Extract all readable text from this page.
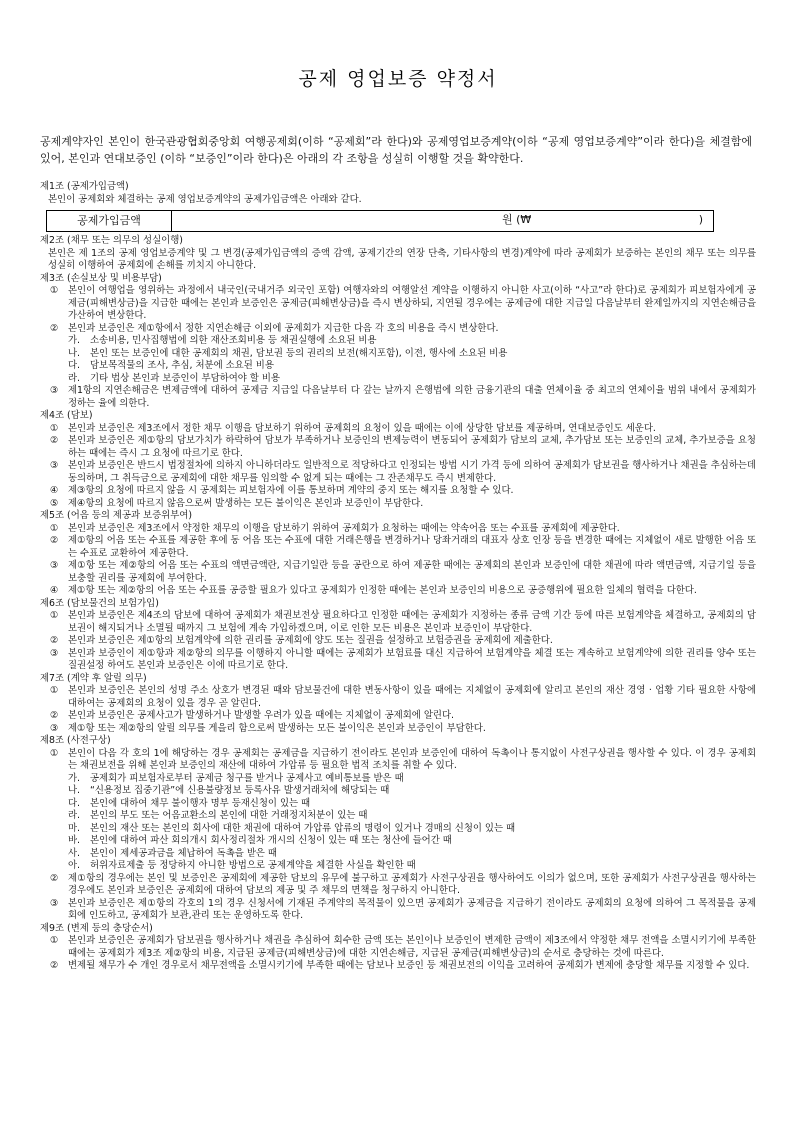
공제 영업보증 약정서
공제계약자인 본인이 한국관광협회중앙회 여행공제회(이하 “공제회”라 한다)와 공제영업보증계약(이하 “공제 영업보증계약”이라 한다)을 체결함에 있어, 본인과 연대보증인 (이하 “보증인”이라 한다)은 아래의 각 조항을 성실히 이행할 것을 확약한다.
제1조 (공제가입금액)
본인이 공제회와 체결하는 공제 영업보증계약의 공제가입금액은 아래와 같다.
공제가입금액	원 (₩	)
제2조 (채무 또는 의무의 성실이행)
본인은 제 1조의 공제 영업보증계약 및 그 변경(공제가입금액의 증액 감액, 공제기간의 연장 단축, 기타사항의 변경)계약에 따라 공제회가 보증하는 본인의 채무 또는 의무를 성실히 이행하여 공제회에 손해를 끼치지 아니한다.
제3조 (손실보상 및 비용부담)
①	본인이 여행업을 영위하는 과정에서 내국인(국내거주 외국인 포함) 여행자와의 여행알선 계약을 이행하지 아니한 사고(이하 “사고”라 한다)로 공제회가 피보험자에게 공제금(피해변상금)을 지급한 때에는 본인과 보증인은 공제금(피해변상금)을 즉시 변상하되, 지연될 경우에는 공제금에 대한 지급일 다음날부터 완제일까지의 지연손해금을 가산하여 변상한다.
②	본인과 보증인은 제①항에서 정한 지연손해금 이외에 공제회가 지급한 다음 각 호의 비용을 즉시 변상한다.
가. 소송비용, 민사집행법에 의한 재산조회비용 등 채권실행에 소요된 비용
나. 본인 또는 보증인에 대한 공제회의 채권, 담보권 등의 권리의 보전(해지포함), 이전, 행사에 소요된 비용
다. 담보목적물의 조사, 추심, 처분에 소요된 비용
라. 기타 법상 본인과 보증인이 부담하여야 할 비용
③	제1항의 지연손해금은 변제금액에 대하여 공제금 지급일 다음날부터 다 갚는 날까지 은행법에 의한 금융기관의 대출 연체이율 중 최고의 연체이율 범위 내에서 공제회가 정하는 율에 의한다.
제4조 (담보)
①	본인과 보증인은 제3조에서 정한 채무 이행을 담보하기 위하여 공제회의 요청이 있을 때에는 이에 상당한 담보를 제공하며, 연대보증인도 세운다.
②	본인과 보증인은 제①항의 담보가치가 하락하여 담보가 부족하거나 보증인의 변제능력이 변동되어 공제회가 담보의 교체, 추가담보 또는 보증인의 교체, 추가보증을 요청하는 때에는 즉시 그 요청에 따르기로 한다.
③	본인과 보증인은 반드시 법정절차에 의하지 아니하더라도 일반적으로 적당하다고 인정되는 방법 시기 가격 등에 의하여 공제회가 담보권을 행사하거나 채권을 추심하는데 동의하며, 그 취득금으로 공제회에 대한 채무를 임의할 수 없게 되는 때에는 그 잔존채무도 즉시 변제한다.
④	제③항의 요청에 따르지 않을 시 공제회는 피보험자에 이를 통보하며 계약의 중지 또는 해지를 요청할 수 있다.
⑤	제④항의 요청에 따르지 않음으로써 발생하는 모든 불이익은 본인과 보증인이 부담한다.
제5조 (어음 등의 제공과 보증위부여)
①	본인과 보증인은 제3조에서 약정한 채무의 이행을 담보하기 위하여 공제회가 요청하는 때에는 약속어음 또는 수표를 공제회에 제공한다.
②	제①항의 어음 또는 수표를 제공한 후에 동 어음 또는 수표에 대한 거래은행을 변경하거나 당좌거래의 대표자 상호 인장 등을 변경한 때에는 지체없이 새로 발행한 어음 또는 수표로 교환하여 제공한다.
③	제①항 또는 제②항의 어음 또는 수표의 액면금액란, 지급기일란 등을 공란으로 하여 제공한 때에는 공제회의 본인과 보증인에 대한 채권에 따라 액면금액, 지급기일 등을 보충할 권리를 공제회에 부여한다.
④	제①항 또는 제②항의 어음 또는 수표를 공증할 필요가 있다고 공제회가 인정한 때에는 본인과 보증인의 비용으로 공증행위에 필요한 일체의 협력을 다한다.
제6조 (담보물건의 보험가입)
①	본인과 보증인은 제4조의 담보에 대하여 공제회가 채권보전상 필요하다고 인정한 때에는 공제회가 지정하는 종류 금액 기간 등에 따른 보험계약을 체결하고, 공제회의 담보권이 해지되거나 소멸될 때까지 그 보험에 계속 가입하겠으며, 이로 인한 모든 비용은 본인과 보증인이 부담한다.
②	본인과 보증인은 제①항의 보험계약에 의한 권리를 공제회에 양도 또는 질권을 설정하고 보험증권을 공제회에 제출한다.
③	본인과 보증인이 제①항과 제②항의 의무를 이행하지 아니할 때에는 공제회가 보험료를 대신 지급하여 보험계약을 체결 또는 계속하고 보험계약에 의한 권리를 양수 또는 질권설정 하여도 본인과 보증인은 이에 따르기로 한다.
제7조 (계약 후 알릴 의무)
①	본인과 보증인은 본인의 성명 주소 상호가 변경된 때와 담보물건에 대한 변동사항이 있을 때에는 지체없이 공제회에 알리고 본인의 재산 경영 · 업황 기타 필요한 사항에 대하여는 공제회의 요청이 있을 경우 곧 알린다.
②	본인과 보증인은 공제사고가 발생하거나 발생할 우려가 있을 때에는 지체없이 공제회에 알린다.
③	제①항 또는 제②항의 알릴 의무를 게을리 함으로써 발생하는 모든 불이익은 본인과 보증인이 부담한다.
제8조 (사전구상)
①	본인이 다음 각 호의 1에 해당하는 경우 공제회는 공제금을 지급하기 전이라도 본인과 보증인에 대하여 독촉이나 통지없이 사전구상권을 행사할 수 있다. 이 경우 공제회는 채권보전을 위해 본인과 보증인의 재산에 대하여 가압류 등 필요한 법적 조치를 취할 수 있다.
가. 공제회가 피보험자로부터 공제금 청구를 받거나 공제사고 예비통보를 받은 때
나. “신용정보 집중기관”에 신용불량정보 등록사유 발생거래처에 해당되는 때
다. 본인에 대하여 채무 불이행자 명부 등재신청이 있는 때
라. 본인의 부도 또는 어음교환소의 본인에 대한 거래정지처분이 있는 때
마. 본인의 재산 또는 본인의 회사에 대한 채권에 대하여 가압류 압류의 명령이 있거나 경매의 신청이 있는 때
바. 본인에 대하여 파산 회의개시 회사정리절차 개시의 신청이 있는 때 또는 청산에 들어간 때
사. 본인이 제세공과금을 체납하여 독촉을 받은 때
아. 허위자료제출 등 정당하지 아니한 방법으로 공제계약을 체결한 사실을 확인한 때
②	제①항의 경우에는 본인 및 보증인은 공제회에 제공한 담보의 유무에 불구하고 공제회가 사전구상권을 행사하여도 이의가 없으며, 또한 공제회가 사전구상권을 행사하는 경우에도 본인과 보증인은 공제회에 대하여 담보의 제공 및 주 채무의 면책을 청구하지 아니한다.
③	본인과 보증인은 제①항의 각호의 1의 경우 신청서에 기재된 주계약의 목적물이 있으면 공제회가 공제금을 지급하기 전이라도 공제회의 요청에 의하여 그 목적물을 공제회에 인도하고, 공제회가 보관,관리 또는 운영하도록 한다.
제9조 (변제 등의 충당순서)
①	본인과 보증인은 공제회가 담보권을 행사하거나 채권을 추심하여 회수한 금액 또는 본인이나 보증인이 변제한 금액이 제3조에서 약정한 채무 전액을 소멸시키기에 부족한 때에는 공제회가 제3조 제②항의 비용, 지급된 공제금(피해변상금)에 대한 지연손해금, 지급된 공제금(피해변상금)의 순서로 충당하는 것에 따른다.
②	변제될 채무가 수 개인 경우로서 채무전액을 소멸시키기에 부족한 때에는 담보나 보증인 등 채권보전의 이익을 고려하여 공제회가 변제에 충당할 채무를 지정할 수 있다.
